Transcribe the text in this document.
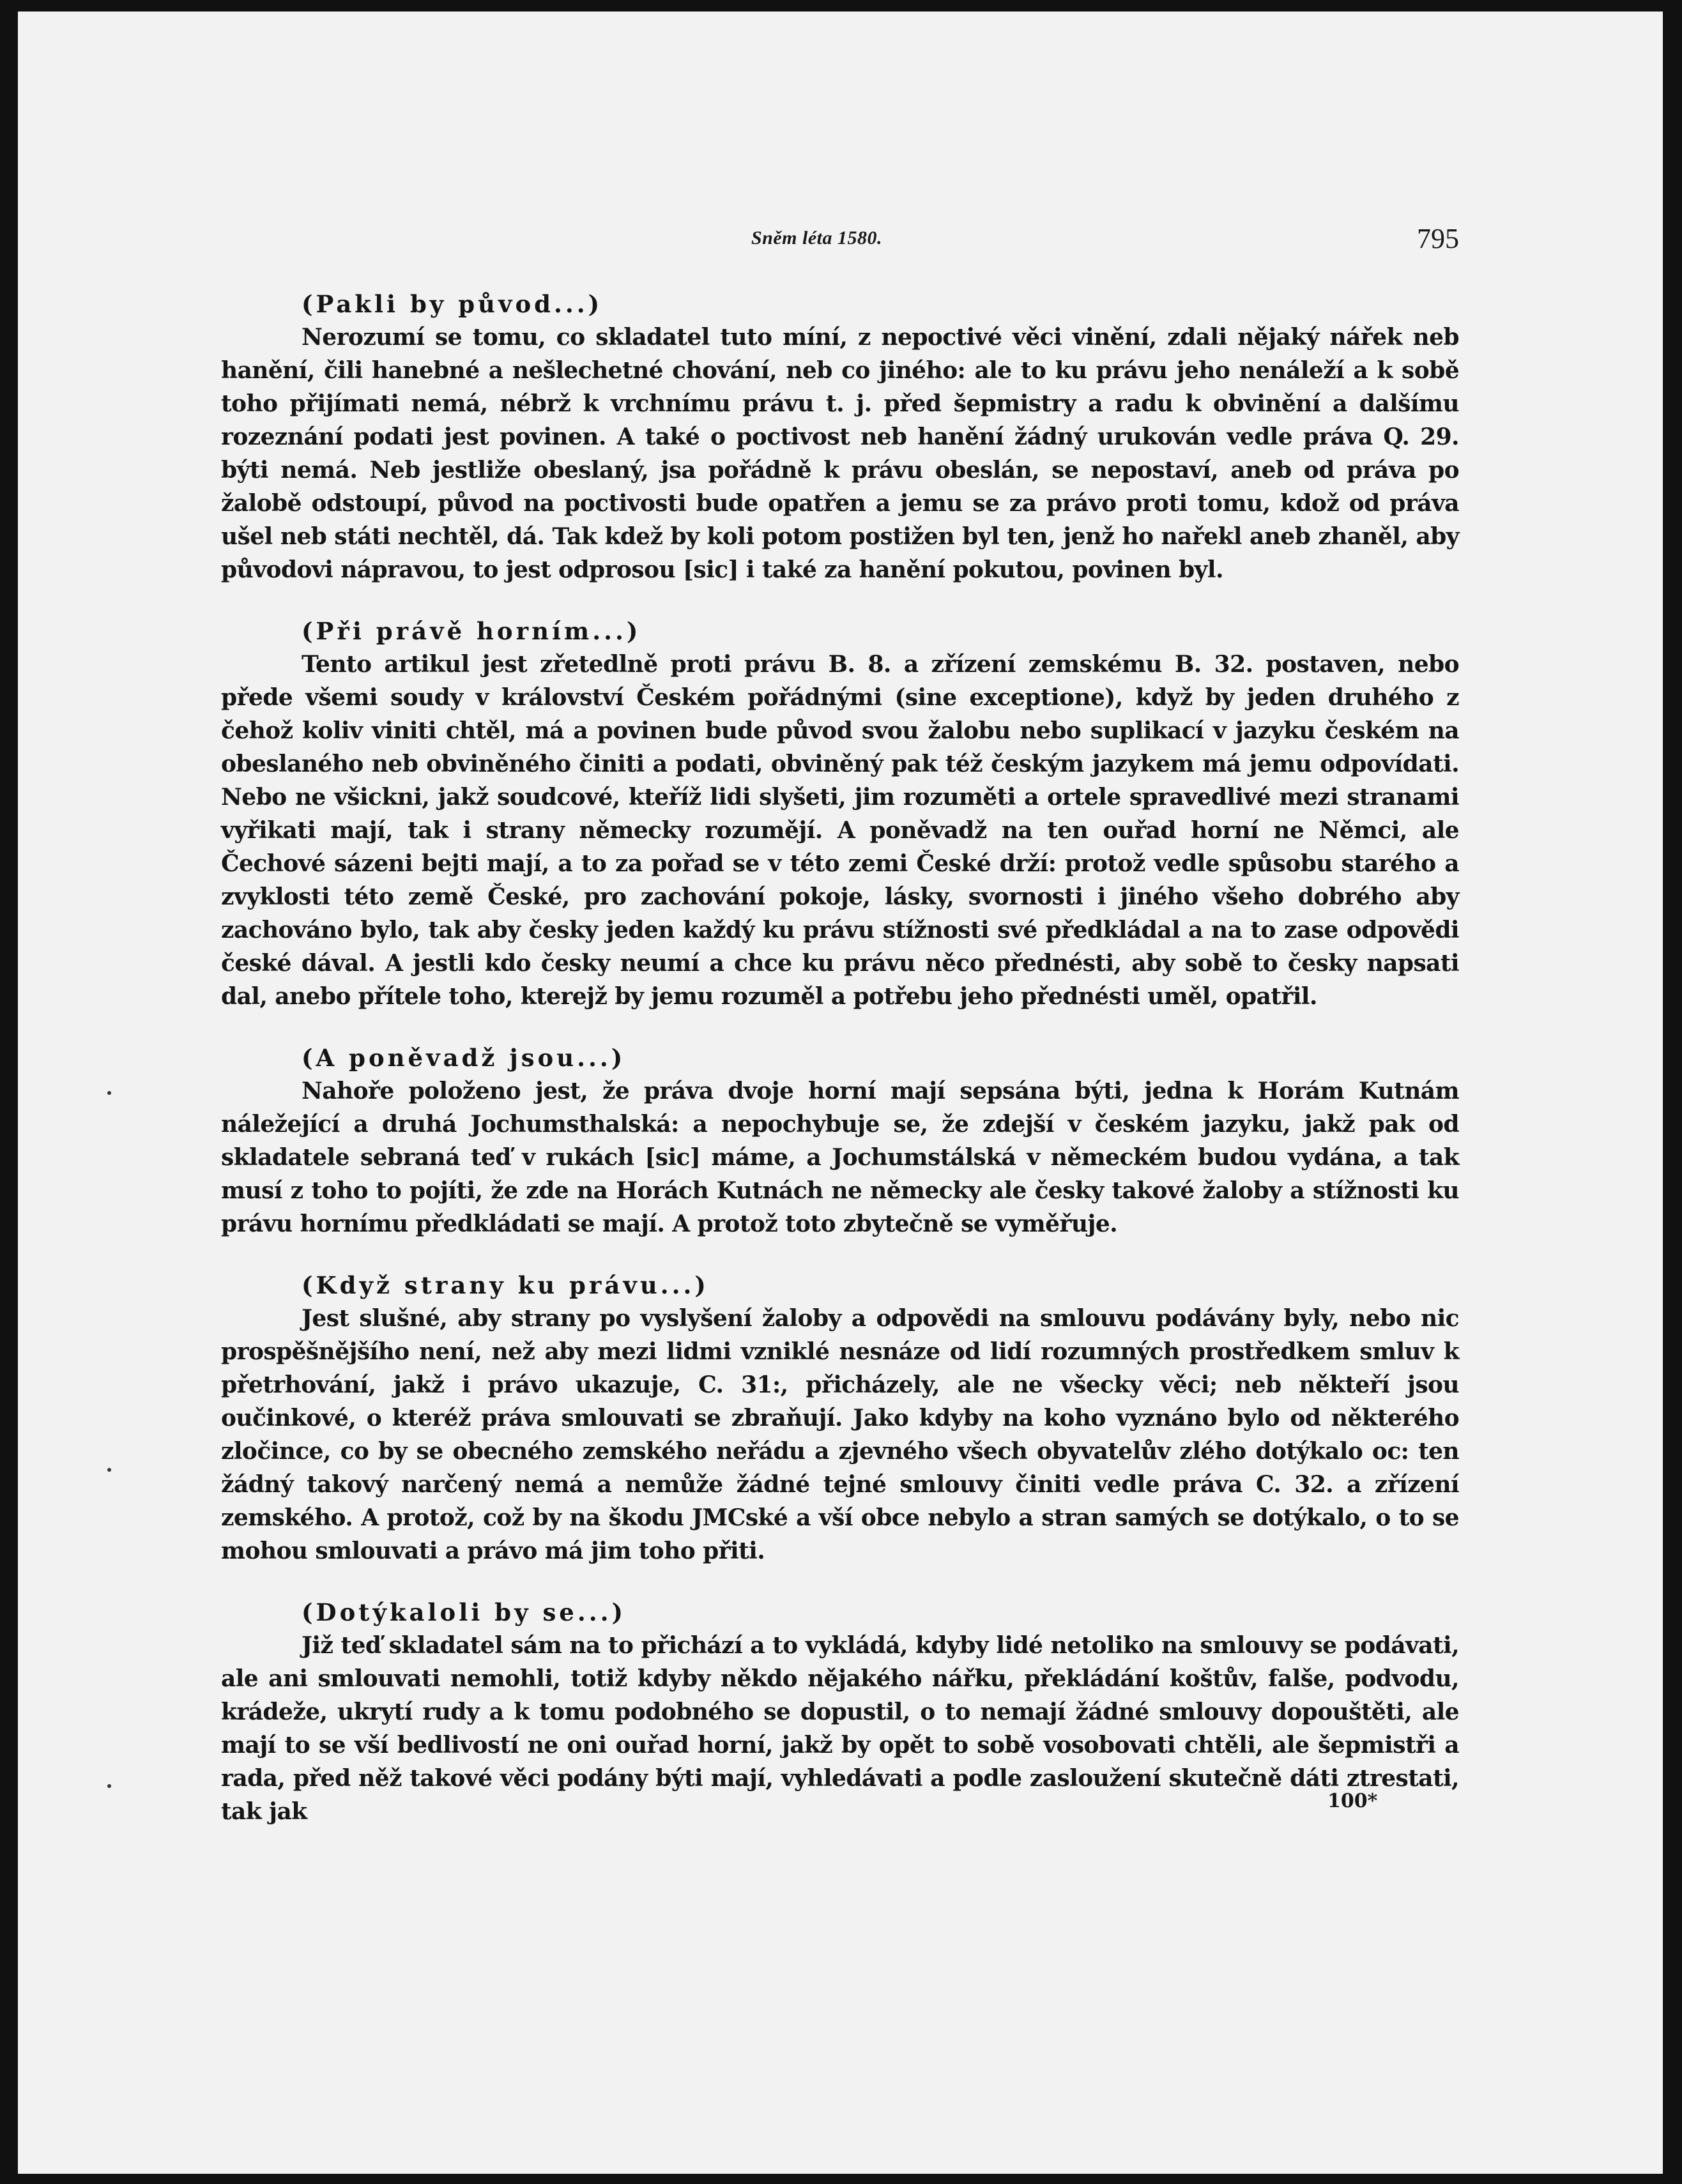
Sněm léta 1580.	795

(Pakli by původ...)

Nerozumí se tomu, co skladatel tuto míní, z nepoctivé věci vinění, zdali nějaký nářek neb hanění, čili hanebné a nešlechetné chování, neb co jiného: ale to ku právu jeho nenáleží a k sobě toho přijímati nemá, nébrž k vrchnímu právu t. j. před šepmistry a radu k obvinění a dalšímu rozeznání podati jest povinen. A také o poctivost neb hanění žádný urukován vedle práva Q. 29. býti nemá. Neb jestliže obeslaný, jsa pořádně k právu obeslán, se nepostaví, aneb od práva po žalobě odstoupí, původ na poctivosti bude opatřen a jemu se za právo proti tomu, kdož od práva ušel neb státi nechtěl, dá. Tak kdež by koli potom postižen byl ten, jenž ho nařekl aneb zhaněl, aby původovi nápravou, to jest odprosou [sic] i také za hanění pokutou, povinen byl.

(Při právě horním...)

Tento artikul jest zřetedlně proti právu B. 8. a zřízení zemskému B. 32. postaven, nebo přede všemi soudy v království Českém pořádnými (sine exceptione), když by jeden druhého z čehož koliv viniti chtěl, má a povinen bude původ svou žalobu nebo suplikací v jazyku českém na obeslaného neb obviněného činiti a podati, obviněný pak též českým jazykem má jemu odpovídati. Nebo ne všickni, jakž soudcové, kteříž lidi slyšeti, jim rozuměti a ortele spravedlivé mezi stranami vyřikati mají, tak i strany německy rozumějí. A poněvadž na ten ouřad horní ne Němci, ale Čechové sázeni bejti mají, a to za pořad se v této zemi České drží: protož vedle spůsobu starého a zvyklosti této země České, pro zachování pokoje, lásky, svornosti i jiného všeho dobrého aby zachováno bylo, tak aby česky jeden každý ku právu stížnosti své předkládal a na to zase odpovědi české dával. A jestli kdo česky neumí a chce ku právu něco přednésti, aby sobě to česky napsati dal, anebo přítele toho, kterejž by jemu rozuměl a potřebu jeho přednésti uměl, opatřil.

(A poněvadž jsou...)

Nahoře položeno jest, že práva dvoje horní mají sepsána býti, jedna k Horám Kutnám náležející a druhá Jochumsthalská: a nepochybuje se, že zdejší v českém jazyku, jakž pak od skladatele sebraná teď v rukách [sic] máme, a Jochumstálská v německém budou vydána, a tak musí z toho to pojíti, že zde na Horách Kutnách ne německy ale česky takové žaloby a stížnosti ku právu hornímu předkládati se mají. A protož toto zbytečně se vyměřuje.

(Když strany ku právu...)

Jest slušné, aby strany po vyslyšení žaloby a odpovědi na smlouvu podávány byly, nebo nic prospěšnějšího není, než aby mezi lidmi vzniklé nesnáze od lidí rozumných prostředkem smluv k přetrhování, jakž i právo ukazuje, C. 31:, přicházely, ale ne všecky věci; neb někteří jsou oučinkové, o kteréž práva smlouvati se zbraňují. Jako kdyby na koho vyznáno bylo od některého zločince, co by se obecného zemského neřádu a zjevného všech obyvatelův zlého dotýkalo oc: ten žádný takový narčený nemá a nemůže žádné tejné smlouvy činiti vedle práva C. 32. a zřízení zemského. A protož, což by na škodu JMCské a vší obce nebylo a stran samých se dotýkalo, o to se mohou smlouvati a právo má jim toho přiti.

(Dotýkaloli by se...)

Již teď skladatel sám na to přichází a to vykládá, kdyby lidé netoliko na smlouvy se podávati, ale ani smlouvati nemohli, totiž kdyby někdo nějakého nářku, překládání koštův, falše, podvodu, krádeže, ukrytí rudy a k tomu podobného se dopustil, o to nemají žádné smlouvy dopouštěti, ale mají to se vší bedlivostí ne oni ouřad horní, jakž by opět to sobě vosobovati chtěli, ale šepmistři a rada, před něž takové věci podány býti mají, vyhledávati a podle zasloužení skutečně dáti ztrestati, tak jak	100*
